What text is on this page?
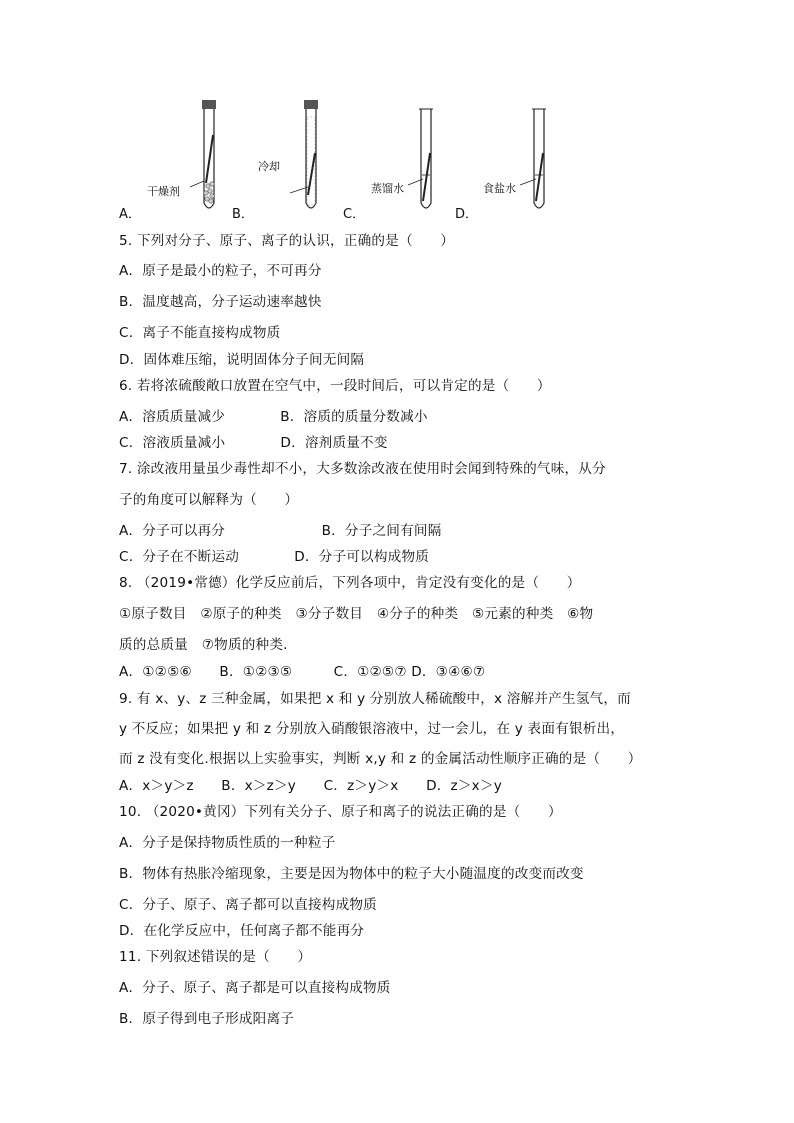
干燥剂
冷却
蒸馏水	食盐水
A．	B．	C．	D．
5. 下列对分子、原子、离子的认识，正确的是（　　）
A．原子是最小的粒子，不可再分
B．温度越高，分子运动速率越快
C．离子不能直接构成物质
D．固体难压缩，说明固体分子间无间隔
6. 若将浓硫酸敞口放置在空气中，一段时间后，可以肯定的是（　　）
A．溶质质量减少　　　　B．溶质的质量分数减小
C．溶液质量减小　　　　D．溶剂质量不变
7. 涂改液用量虽少毒性却不小，大多数涂改液在使用时会闻到特殊的气味，从分
子的角度可以解释为（　　）
A．分子可以再分　　　　　　　B．分子之间有间隔
C．分子在不断运动　　　　D．分子可以构成物质
8. （2019•常德）化学反应前后，下列各项中，肯定没有变化的是（　　）
①原子数目　②原子的种类　③分子数目　④分子的种类　⑤元素的种类　⑥物
质的总质量　⑦物质的种类.
A．①②⑤⑥　　B．①②③⑤　　　C．①②⑤⑦ D．③④⑥⑦
9. 有 x、y、z 三种金属，如果把 x 和 y 分别放人稀硫酸中，x 溶解并产生氢气，而
y 不反应；如果把 y 和 z 分别放入硝酸银溶液中，过一会儿，在 y 表面有银析出，
而 z 没有变化.根据以上实验事实，判断 x,y 和 z 的金属活动性顺序正确的是（　　）
A．x＞y＞z　　B．x＞z＞y　　C．z＞y＞x　　D．z＞x＞y
10. （2020•黄冈）下列有关分子、原子和离子的说法正确的是（　　）
A．分子是保持物质性质的一种粒子
B．物体有热胀冷缩现象，主要是因为物体中的粒子大小随温度的改变而改变
C．分子、原子、离子都可以直接构成物质
D．在化学反应中，任何离子都不能再分
11. 下列叙述错误的是（　　）
A．分子、原子、离子都是可以直接构成物质
B．原子得到电子形成阳离子
